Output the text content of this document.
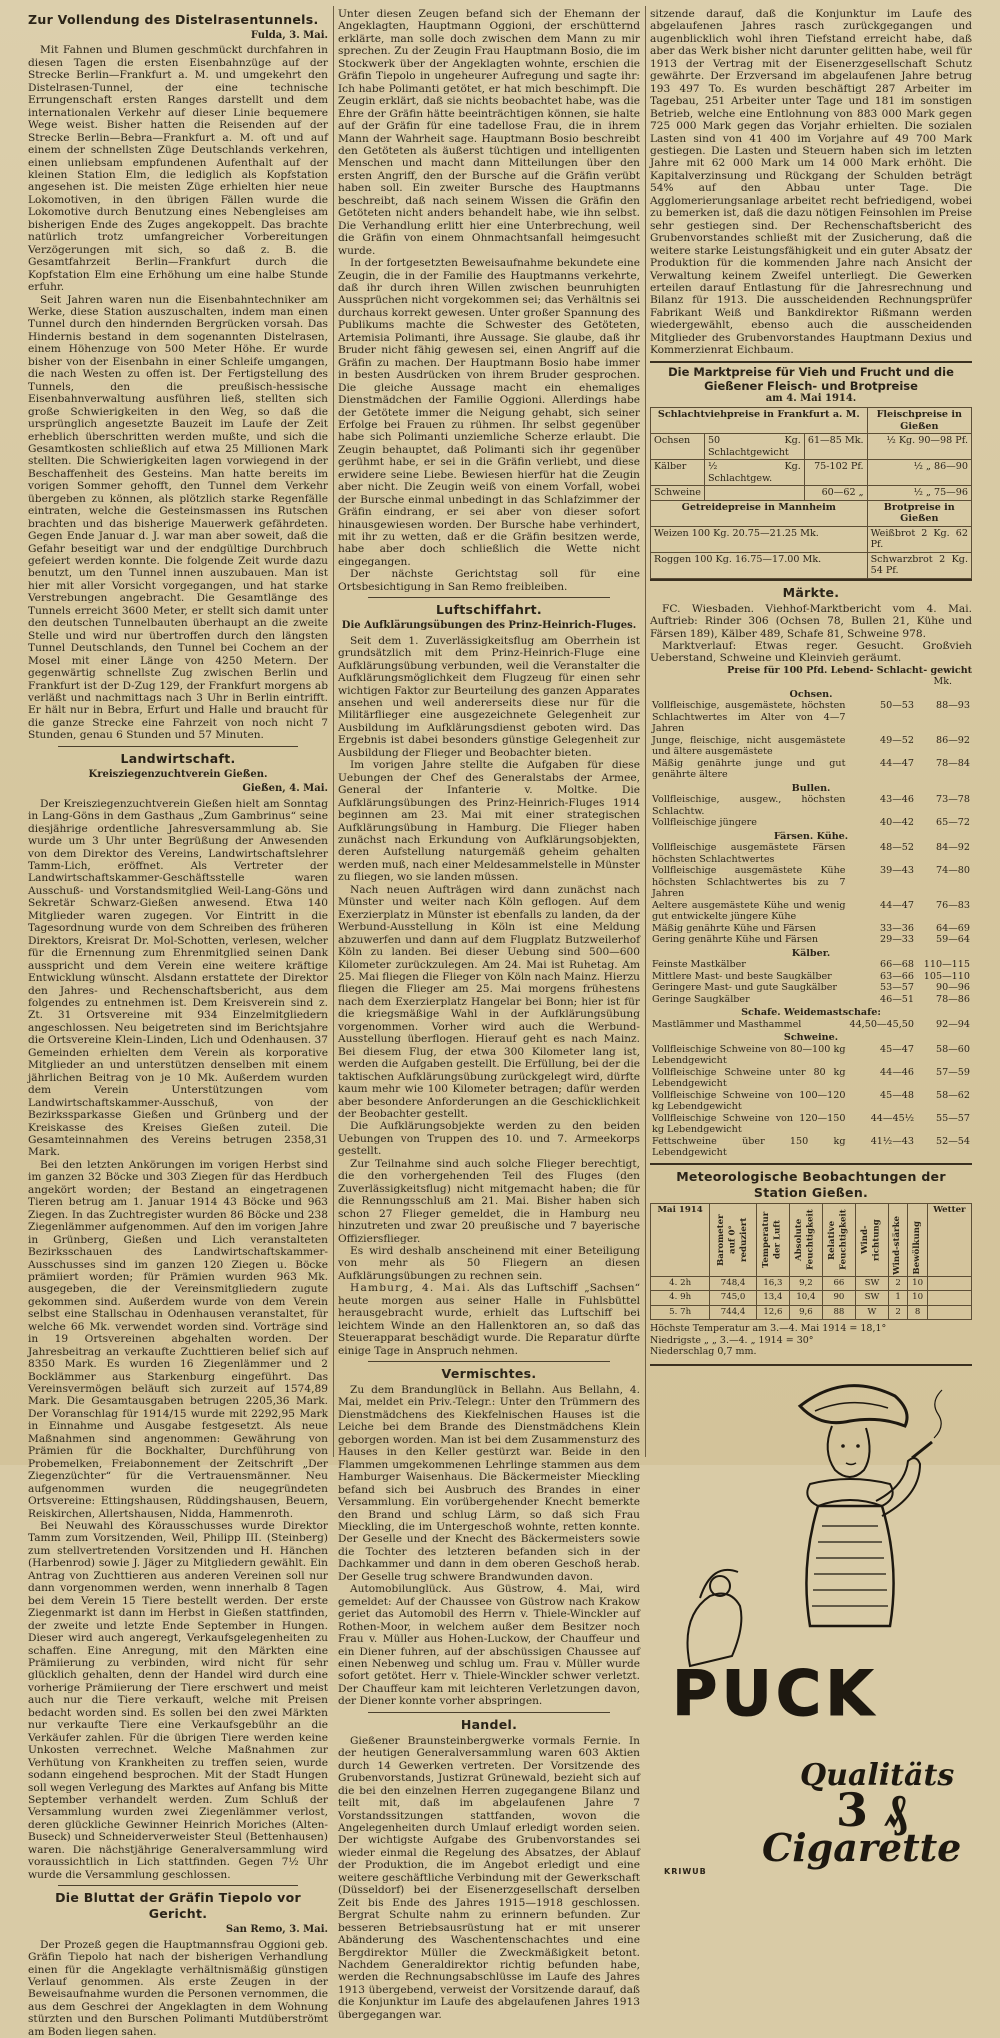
Zur Vollendung des Distelrasentunnels.
Fulda, 3. Mai.

Mit Fahnen und Blumen geschmückt durchfahren in diesen Tagen die ersten Eisenbahnzüge auf der Strecke Berlin—Frankfurt a. M. und umgekehrt den Distelrasen-Tunnel, der eine technische Errungenschaft ersten Ranges darstellt und dem internationalen Verkehr auf dieser Linie bequemere Wege weist. Bisher hatten die Reisenden auf der Strecke Berlin—Bebra—Frankfurt a. M. oft und auf einem der schnellsten Züge Deutschlands verkehren, einen unliebsam empfundenen Aufenthalt auf der kleinen Station Elm, die lediglich als Kopfstation angesehen ist. Die meisten Züge erhielten hier neue Lokomotiven, in den übrigen Fällen wurde die Lokomotive durch Benutzung eines Nebengleises am bisherigen Ende des Zuges angekoppelt. Das brachte natürlich trotz umfangreicher Vorbereitungen Verzögerungen mit sich, so daß z. B. die Gesamtfahrzeit Berlin—Frankfurt durch die Kopfstation Elm eine Erhöhung um eine halbe Stunde erfuhr.

Seit Jahren waren nun die Eisenbahntechniker am Werke, diese Station auszuschalten, indem man einen Tunnel durch den hindernden Bergrücken vorsah. Das Hindernis bestand in dem sogenannten Distelrasen, einem Höhenzuge von 500 Meter Höhe. Er wurde bisher von der Eisenbahn in einer Schleife umgangen, die nach Westen zu offen ist. Der Fertigstellung des Tunnels, den die preußisch-hessische Eisenbahnverwaltung ausführen ließ, stellten sich große Schwierigkeiten in den Weg, so daß die ursprünglich angesetzte Bauzeit im Laufe der Zeit erheblich überschritten werden mußte, und sich die Gesamtkosten schließlich auf etwa 25 Millionen Mark stellten. Die Schwierigkeiten lagen vorwiegend in der Beschaffenheit des Gesteins. Man hatte bereits im vorigen Sommer gehofft, den Tunnel dem Verkehr übergeben zu können, als plötzlich starke Regenfälle eintraten, welche die Gesteinsmassen ins Rutschen brachten und das bisherige Mauerwerk gefährdeten. Gegen Ende Januar d. J. war man aber soweit, daß die Gefahr beseitigt war und der endgültige Durchbruch gefeiert werden konnte. Die folgende Zeit wurde dazu benutzt, um den Tunnel innen auszubauen. Man ist hier mit aller Vorsicht vorgegangen, und hat starke Verstrebungen angebracht. Die Gesamtlänge des Tunnels erreicht 3600 Meter, er stellt sich damit unter den deutschen Tunnelbauten überhaupt an die zweite Stelle und wird nur übertroffen durch den längsten Tunnel Deutschlands, den Tunnel bei Cochem an der Mosel mit einer Länge von 4250 Metern. Der gegenwärtig schnellste Zug zwischen Berlin und Frankfurt ist der D-Zug 129, der Frankfurt morgens ab verläßt und nachmittags nach 3 Uhr in Berlin eintrifft. Er hält nur in Bebra, Erfurt und Halle und braucht für die ganze Strecke eine Fahrzeit von noch nicht 7 Stunden, genau 6 Stunden und 57 Minuten.

Landwirtschaft.
Kreisziegenzuchtverein Gießen.
Gießen, 4. Mai.

Der Kreisziegenzuchtverein Gießen hielt am Sonntag in Lang-Göns in dem Gasthaus „Zum Gambrinus“ seine diesjährige ordentliche Jahresversammlung ab. Sie wurde um 3 Uhr unter Begrüßung der Anwesenden von dem Direktor des Vereins, Landwirtschaftslehrer Tamm-Lich, eröffnet. Als Vertreter der Landwirtschaftskammer-Geschäftsstelle waren Ausschuß- und Vorstandsmitglied Weil-Lang-Göns und Sekretär Schwarz-Gießen anwesend. Etwa 140 Mitglieder waren zugegen. Vor Eintritt in die Tagesordnung wurde von dem Schreiben des früheren Direktors, Kreisrat Dr. Mol-Schotten, verlesen, welcher für die Ernennung zum Ehrenmitglied seinen Dank ausspricht und dem Verein eine weitere kräftige Entwicklung wünscht. Alsdann erstattete der Direktor den Jahres- und Rechenschaftsbericht, aus dem folgendes zu entnehmen ist. Dem Kreisverein sind z. Zt. 31 Ortsvereine mit 934 Einzelmitgliedern angeschlossen. Neu beigetreten sind im Berichtsjahre die Ortsvereine Klein-Linden, Lich und Odenhausen. 37 Gemeinden erhielten dem Verein als korporative Mitglieder an und unterstützen denselben mit einem jährlichen Beitrag von je 10 Mk. Außerdem wurden dem Verein Unterstützungen vom Landwirtschaftskammer-Ausschuß, von der Bezirkssparkasse Gießen und Grünberg und der Kreiskasse des Kreises Gießen zuteil. Die Gesamteinnahmen des Vereins betrugen 2358,31 Mark.

Bei den letzten Ankörungen im vorigen Herbst sind im ganzen 32 Böcke und 303 Ziegen für das Herdbuch angekört worden; der Bestand an eingetragenen Tieren betrug am 1. Januar 1914 43 Böcke und 963 Ziegen. In das Zuchtregister wurden 86 Böcke und 238 Ziegenlämmer aufgenommen. Auf den im vorigen Jahre in Grünberg, Gießen und Lich veranstalteten Bezirksschauen des Landwirtschaftskammer-Ausschusses sind im ganzen 120 Ziegen u. Böcke prämiiert worden; für Prämien wurden 963 Mk. ausgegeben, die der Vereinsmitgliedern zugute gekommen sind. Außerdem wurde von dem Verein selbst eine Stallschau in Odenhausen veranstaltet, für welche 66 Mk. verwendet worden sind. Vorträge sind in 19 Ortsvereinen abgehalten worden. Der Jahresbeitrag an verkaufte Zuchttieren belief sich auf 8350 Mark. Es wurden 16 Ziegenlämmer und 2 Bocklämmer aus Starkenburg eingeführt. Das Vereinsvermögen beläuft sich zurzeit auf 1574,89 Mark. Die Gesamtausgaben betrugen 2205,36 Mark. Der Voranschlag für 1914/15 wurde mit 2292,95 Mark in Einnahme und Ausgabe festgesetzt. Als neue Maßnahmen sind angenommen: Gewährung von Prämien für die Bockhalter, Durchführung von Probemelken, Freiabonnement der Zeitschrift „Der Ziegenzüchter“ für die Vertrauensmänner. Neu aufgenommen wurden die neugegründeten Ortsvereine: Ettingshausen, Rüddingshausen, Beuern, Reiskirchen, Allertshausen, Nidda, Hammenroth.

Bei Neuwahl des Körausschusses wurde Direktor Tamm zum Vorsitzenden, Weil, Philipp III. (Steinberg) zum stellvertretenden Vorsitzenden und H. Hänchen (Harbenrod) sowie J. Jäger zu Mitgliedern gewählt. Ein Antrag von Zuchttieren aus anderen Vereinen soll nur dann vorgenommen werden, wenn innerhalb 8 Tagen bei dem Verein 15 Tiere bestellt werden. Der erste Ziegenmarkt ist dann im Herbst in Gießen stattfinden, der zweite und letzte Ende September in Hungen. Dieser wird auch angeregt, Verkaufsgelegenheiten zu schaffen. Eine Anregung, mit den Märkten eine Prämiierung zu verbinden, wird nicht für sehr glücklich gehalten, denn der Handel wird durch eine vorherige Prämiierung der Tiere erschwert und meist auch nur die Tiere verkauft, welche mit Preisen bedacht worden sind. Es sollen bei den zwei Märkten nur verkaufte Tiere eine Verkaufsgebühr an die Verkäufer zahlen. Für die übrigen Tiere werden keine Unkosten verrechnet. Welche Maßnahmen zur Verhütung von Krankheiten zu treffen seien, wurde sodann eingehend besprochen. Mit der Stadt Hungen soll wegen Verlegung des Marktes auf Anfang bis Mitte September verhandelt werden. Zum Schluß der Versammlung wurden zwei Ziegenlämmer verlost, deren glückliche Gewinner Heinrich Moriches (Alten-Buseck) und Schneiderverweister Steul (Bettenhausen) waren. Die nächstjährige Generalversammlung wird voraussichtlich in Lich stattfinden. Gegen 7½ Uhr wurde die Versammlung geschlossen.

Die Bluttat der Gräfin Tiepolo vor Gericht.
San Remo, 3. Mai.

Der Prozeß gegen die Hauptmannsfrau Oggioni geb. Gräfin Tiepolo hat nach der bisherigen Verhandlung einen für die Angeklagte verhältnismäßig günstigen Verlauf genommen. Als erste Zeugen in der Beweisaufnahme wurden die Personen vernommen, die aus dem Geschrei der Angeklagten in dem Wohnung stürzten und den Burschen Polimanti Mutdüberströmt am Boden liegen sahen.

Unter diesen Zeugen befand sich der Ehemann der Angeklagten, Hauptmann Oggioni, der erschütternd erklärte, man solle doch zwischen dem Mann zu mir sprechen. Zu der Zeugin Frau Hauptmann Bosio, die im Stockwerk über der Angeklagten wohnte, erschien die Gräfin Tiepolo in ungeheurer Aufregung und sagte ihr: Ich habe Polimanti getötet, er hat mich beschimpft. Die Zeugin erklärt, daß sie nichts beobachtet habe, was die Ehre der Gräfin hätte beeinträchtigen können, sie halte auf der Gräfin für eine tadellose Frau, die in ihrem Mann der Wahrheit sage. Hauptmann Bosio beschreibt den Getöteten als äußerst tüchtigen und intelligenten Menschen und macht dann Mitteilungen über den ersten Angriff, den der Bursche auf die Gräfin verübt haben soll. Ein zweiter Bursche des Hauptmanns beschreibt, daß nach seinem Wissen die Gräfin den Getöteten nicht anders behandelt habe, wie ihn selbst. Die Verhandlung erlitt hier eine Unterbrechung, weil die Gräfin von einem Ohnmachtsanfall heimgesucht wurde.

In der fortgesetzten Beweisaufnahme bekundete eine Zeugin, die in der Familie des Hauptmanns verkehrte, daß ihr durch ihren Willen zwischen beunruhigten Aussprüchen nicht vorgekommen sei; das Verhältnis sei durchaus korrekt gewesen. Unter großer Spannung des Publikums machte die Schwester des Getöteten, Artemisia Polimanti, ihre Aussage. Sie glaube, daß ihr Bruder nicht fähig gewesen sei, einen Angriff auf die Gräfin zu machen. Der Hauptmann Bosio habe immer in besten Ausdrücken von ihrem Bruder gesprochen. Die gleiche Aussage macht ein ehemaliges Dienstmädchen der Familie Oggioni. Allerdings habe der Getötete immer die Neigung gehabt, sich seiner Erfolge bei Frauen zu rühmen. Ihr selbst gegenüber habe sich Polimanti unziemliche Scherze erlaubt. Die Zeugin behauptet, daß Polimanti sich ihr gegenüber gerühmt habe, er sei in die Gräfin verliebt, und diese erwidere seine Liebe. Bewiesen hierfür hat die Zeugin aber nicht. Die Zeugin weiß von einem Vorfall, wobei der Bursche einmal unbedingt in das Schlafzimmer der Gräfin eindrang, er sei aber von dieser sofort hinausgewiesen worden. Der Bursche habe verhindert, mit ihr zu wetten, daß er die Gräfin besitzen werde, habe aber doch schließlich die Wette nicht eingegangen.

Der nächste Gerichtstag soll für eine Ortsbesichtigung in San Remo freibleiben.

Luftschiffahrt.
Die Aufklärungsübungen des Prinz-Heinrich-Fluges.

Seit dem 1. Zuverlässigkeitsflug am Oberrhein ist grundsätzlich mit dem Prinz-Heinrich-Fluge eine Aufklärungsübung verbunden, weil die Veranstalter die Aufklärungsmöglichkeit dem Flugzeug für einen sehr wichtigen Faktor zur Beurteilung des ganzen Apparates ansehen und weil andererseits diese nur für die Militärflieger eine ausgezeichnete Gelegenheit zur Ausbildung im Aufklärungsdienst geboten wird. Das Ergebnis ist dabei besonders günstige Gelegenheit zur Ausbildung der Flieger und Beobachter bieten.

Im vorigen Jahre stellte die Aufgaben für diese Uebungen der Chef des Generalstabs der Armee, General der Infanterie v. Moltke. Die Aufklärungsübungen des Prinz-Heinrich-Fluges 1914 beginnen am 23. Mai mit einer strategischen Aufklärungsübung in Hamburg. Die Flieger haben zunächst nach Erkundung von Aufklärungsobjekten, deren Aufstellung naturgemäß geheim gehalten werden muß, nach einer Meldesammelstelle in Münster zu fliegen, wo sie landen müssen.

Nach neuen Aufträgen wird dann zunächst nach Münster und weiter nach Köln geflogen. Auf dem Exerzierplatz in Münster ist ebenfalls zu landen, da der Werbund-Ausstellung in Köln ist eine Meldung abzuwerfen und dann auf dem Flugplatz Butzweilerhof Köln zu landen. Bei dieser Uebung sind 500—600 Kilometer zurückzulegen. Am 24. Mai ist Ruhetag. Am 25. Mai fliegen die Flieger von Köln nach Mainz. Hierzu fliegen die Flieger am 25. Mai morgens frühestens nach dem Exerzierplatz Hangelar bei Bonn; hier ist für die kriegsmäßige Wahl in der Aufklärungsübung vorgenommen. Vorher wird auch die Werbund-Ausstellung überflogen. Hierauf geht es nach Mainz. Bei diesem Flug, der etwa 300 Kilometer lang ist, werden die Aufgaben gestellt. Die Erfüllung, bei der die taktischen Aufklärungsübung zurückgelegt wird, dürfte kaum mehr wie 100 Kilometer betragen; dafür werden aber besondere Anforderungen an die Geschicklichkeit der Beobachter gestellt.

Die Aufklärungsobjekte werden zu den beiden Uebungen von Truppen des 10. und 7. Armeekorps gestellt.

Zur Teilnahme sind auch solche Flieger berechtigt, die den vorhergehenden Teil des Fluges (den Zuverlässigkeitsflug) nicht mitgemacht haben; die für die Rennungsschluß am 21. Mai. Bisher haben sich schon 27 Flieger gemeldet, die in Hamburg neu hinzutreten und zwar 20 preußische und 7 bayerische Offiziersflieger.

Es wird deshalb anscheinend mit einer Beteiligung von mehr als 50 Fliegern an diesen Aufklärungsübungen zu rechnen sein.

Hamburg, 4. Mai. Als das Luftschiff „Sachsen“ heute morgen aus seiner Halle in Fuhlsbüttel herausgebracht wurde, erhielt das Luftschiff bei leichtem Winde an den Hallenktoren an, so daß das Steuerapparat beschädigt wurde. Die Reparatur dürfte einige Tage in Anspruch nehmen.

Vermischtes.

Zu dem Brandunglück in Bellahn. Aus Bellahn, 4. Mai, meldet ein Priv.-Telegr.: Unter den Trümmern des Dienstmädchens des Kiekfelnischen Hauses ist die Leiche bei dem Brande des Dienstmädchens Klein geborgen worden. Man ist bei dem Zusammensturz des Hauses in den Keller gestürzt war. Beide in den Flammen umgekommenen Lehrlinge stammen aus dem Hamburger Waisenhaus. Die Bäckermeister Mieckling befand sich bei Ausbruch des Brandes in einer Versammlung. Ein vorübergehender Knecht bemerkte den Brand und schlug Lärm, so daß sich Frau Mieckling, die im Untergeschoß wohnte, retten konnte. Der Geselle und der Knecht des Bäckermeisters sowie die Tochter des letzteren befanden sich in der Dachkammer und dann in dem oberen Geschoß herab. Der Geselle trug schwere Brandwunden davon.

Automobilunglück. Aus Güstrow, 4. Mai, wird gemeldet: Auf der Chaussee von Güstrow nach Krakow geriet das Automobil des Herrn v. Thiele-Winckler auf Rothen-Moor, in welchem außer dem Besitzer noch Frau v. Müller aus Hohen-Luckow, der Chauffeur und ein Diener fuhren, auf der abschüssigen Chaussee auf einen Nebenweg und schlug um. Frau v. Müller wurde sofort getötet. Herr v. Thiele-Winckler schwer verletzt. Der Chauffeur kam mit leichteren Verletzungen davon, der Diener konnte vorher abspringen.

Handel.

Gießener Braunsteinbergwerke vormals Fernie. In der heutigen Generalversammlung waren 603 Aktien durch 14 Gewerken vertreten. Der Vorsitzende des Grubenvorstands, Justizrat Grünewald, bezieht sich auf die bei den einzelnen Herren zugegangene Bilanz und teilt mit, daß im abgelaufenen Jahre 7 Vorstandssitzungen stattfanden, wovon die Angelegenheiten durch Umlauf erledigt worden seien. Der wichtigste Aufgabe des Grubenvorstandes sei wieder einmal die Regelung des Absatzes, der Ablauf der Produktion, die im Angebot erledigt und eine weitere geschäftliche Verbindung mit der Gewerkschaft (Düsseldorf) bei der Eisenerzgesellschaft derselben Zeit bis Ende des Jahres 1915—1918 geschlossen. Bergrat Schulte nahm zu erinnern befunden. Zur besseren Betriebsausrüstung hat er mit unserer Abänderung des Waschentenschachtes und eine Bergdirektor Müller die Zweckmäßigkeit betont. Nachdem Generaldirektor richtig befunden habe, werden die Rechnungsabschlüsse im Laufe des Jahres 1913 übergebend, verweist der Vorsitzende darauf, daß die Konjunktur im Laufe des abgelaufenen Jahres 1913 übergegangen war.

sitzende darauf, daß die Konjunktur im Laufe des abgelaufenen Jahres rasch zurückgegangen und augenblicklich wohl ihren Tiefstand erreicht habe, daß aber das Werk bisher nicht darunter gelitten habe, weil für 1913 der Vertrag mit der Eisenerzgesellschaft Schutz gewährte. Der Erzversand im abgelaufenen Jahre betrug 193 497 To. Es wurden beschäftigt 287 Arbeiter im Tagebau, 251 Arbeiter unter Tage und 181 im sonstigen Betrieb, welche eine Entlohnung von 883 000 Mark gegen 725 000 Mark gegen das Vorjahr erhielten. Die sozialen Lasten sind von 41 400 im Vorjahre auf 49 700 Mark gestiegen. Die Lasten und Steuern haben sich im letzten Jahre mit 62 000 Mark um 14 000 Mark erhöht. Die Kapitalverzinsung und Rückgang der Schulden beträgt 54% auf den Abbau unter Tage. Die Agglomerierungsanlage arbeitet recht befriedigend, wobei zu bemerken ist, daß die dazu nötigen Feinsohlen im Preise sehr gestiegen sind. Der Rechenschaftsbericht des Grubenvorstandes schließt mit der Zusicherung, daß die weitere starke Leistungsfähigkeit und ein guter Absatz der Produktion für die kommenden Jahre nach Ansicht der Verwaltung keinem Zweifel unterliegt. Die Gewerken erteilen darauf Entlastung für die Jahresrechnung und Bilanz für 1913. Die ausscheidenden Rechnungsprüfer Fabrikant Weiß und Bankdirektor Rißmann werden wiedergewählt, ebenso auch die ausscheidenden Mitglieder des Grubenvorstandes Hauptmann Dexius und Kommerzienrat Eichbaum.

Die Marktpreise für Vieh und Frucht und die Gießener Fleisch- und Brotpreise
am 4. Mai 1914.
Schlachtviehpreise in Frankfurt a. M.			Fleischpreise in Gießen
Ochsen	50 Kg. Schlachtgewicht	61—85 Mk.	½ Kg. 90—98 Pf.
Kälber	½ Kg. Schlachtgew.	75-102 Pf.	½ „ 86—90
Schweine		60—62 „	½ „ 75—96
Getreidepreise in Mannheim			Brotpreise in Gießen
Weizen 100 Kg. 20.75—21.25 Mk.			Weißbrot 2 Kg. 62 Pf.
Roggen 100 Kg. 16.75—17.00 Mk.			Schwarzbrot 2 Kg. 54 Pf.
Märkte.

FC. Wiesbaden. Viehhof-Marktbericht vom 4. Mai. Auftrieb: Rinder 306 (Ochsen 78, Bullen 21, Kühe und Färsen 189), Kälber 489, Schafe 81, Schweine 978.

Marktverlauf: Etwas reger. Gesucht. Großvieh Ueberstand, Schweine und Kleinvieh geräumt.

Preise für 100 Pfd. Lebend- Schlacht- gewicht
Mk.
Ochsen.		
Vollfleischige, ausgemästete, höchsten Schlachtwertes im Alter von 4—7 Jahren	50—53	88—93
Junge, fleischige, nicht ausgemästete und ältere ausgemästete	49—52	86—92
Mäßig genährte junge und gut genährte ältere	44—47	78—84
Bullen.		
Vollfleischige, ausgew., höchsten Schlachtw.	43—46	73—78
Vollfleischige jüngere	40—42	65—72
Färsen. Kühe.		
Vollfleischige ausgemästete Färsen höchsten Schlachtwertes	48—52	84—92
Vollfleischige ausgemästete Kühe höchsten Schlachtwertes bis zu 7 Jahren	39—43	74—80
Aeltere ausgemästete Kühe und wenig gut entwickelte jüngere Kühe	44—47	76—83
Mäßig genährte Kühe und Färsen	33—36	64—69
Gering genährte Kühe und Färsen	29—33	59—64
Kälber.		
Feinste Mastkälber	66—68	110—115
Mittlere Mast- und beste Saugkälber	63—66	105—110
Geringere Mast- und gute Saugkälber	53—57	90—96
Geringe Saugkälber	46—51	78—86
Schafe. Weidemastschafe:		
Mastlämmer und Masthammel	44,50—45,50	92—94
Schweine.		
Vollfleischige Schweine von 80—100 kg Lebendgewicht	45—47	58—60
Vollfleischige Schweine unter 80 kg Lebendgewicht	44—46	57—59
Vollfleischige Schweine von 100—120 kg Lebendgewicht	45—48	58—62
Vollfleischige Schweine von 120—150 kg Lebendgewicht	44—45½	55—57
Fettschweine über 150 kg Lebendgewicht	41½—43	52—54
Meteorologische Beobachtungen der Station Gießen.
Mai 1914	Barometer auf 0° reduziert	Temperatur der Luft	Absolute Feuchtigkeit	Relative Feuchtigkeit	Wind-richtung	Wind-stärke	Bewölkung	Wetter
4. 2h	748,4	16,3	9,2	66	SW	2	10	
4. 9h	745,0	13,4	10,4	90	SW	1	10	
5. 7h	744,4	12,6	9,6	88	W	2	8	
Höchste Temperatur am 3.—4. Mai 1914 = 18,1°
Niedrigste „ „ 3.—4. „ 1914 = 30°
Niederschlag 0,7 mm.
PUCK
Qualitäts
3 ₰
Cigarette
KRIWUB
